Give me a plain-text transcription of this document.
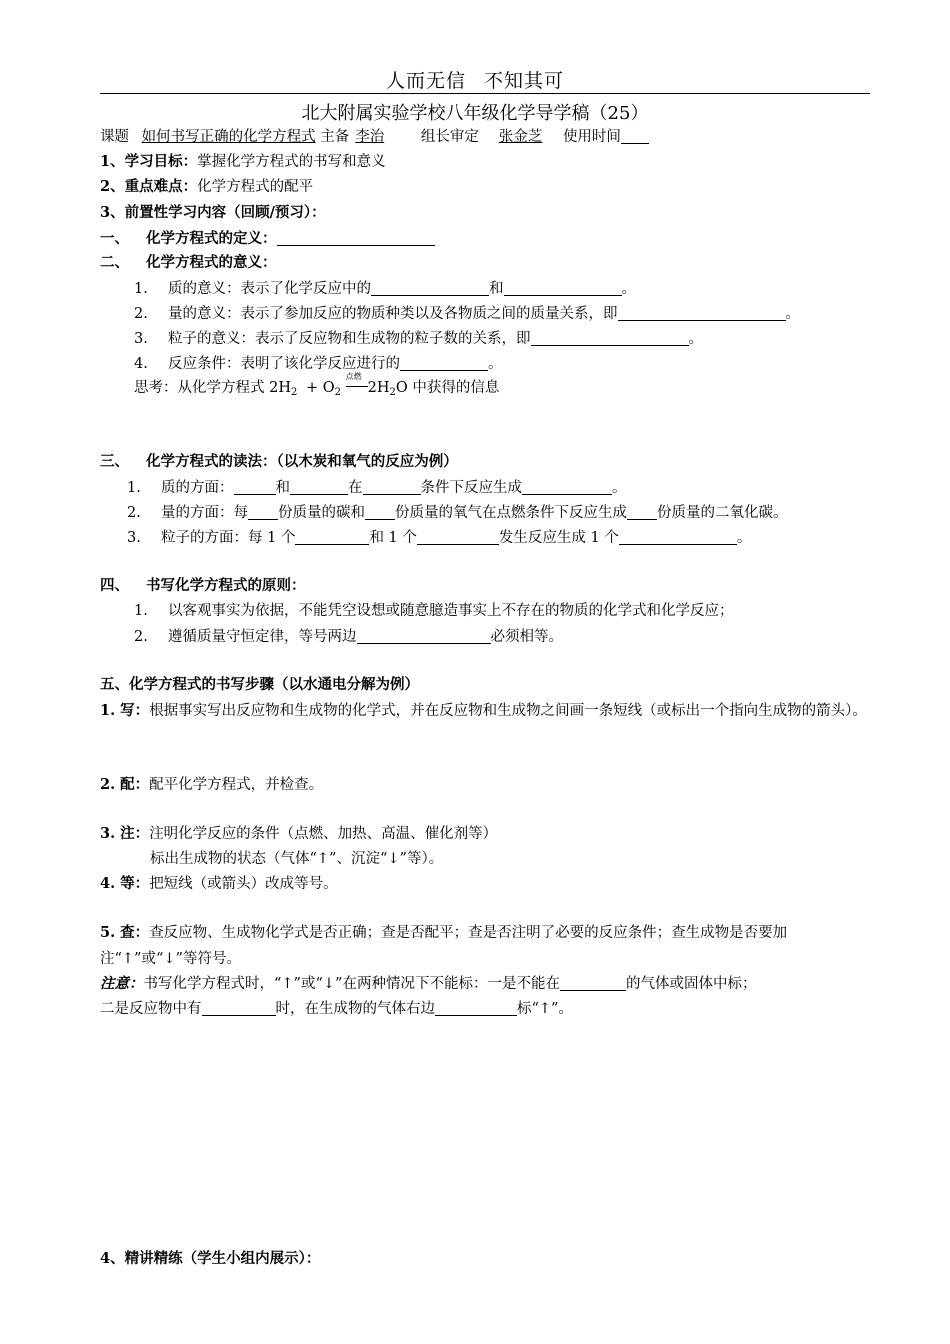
人而无信 不知其可
北大附属实验学校八年级化学导学稿（25）
课题 如何书写正确的化学方程式 主备 李治	组长审定 张金芝 使用时间
1、学习目标：掌握化学方程式的书写和意义
2、重点难点：化学方程式的配平
3、前置性学习内容（回顾/预习）：
一、 化学方程式的定义：
二、 化学方程式的意义：
1. 质的意义：表示了化学反应中的	和	。
2. 量的意义：表示了参加反应的物质种类以及各物质之间的质量关系，即	。
3. 粒子的意义：表示了反应物和生成物的粒子数的关系，即	。
4. 反应条件：表明了该化学反应进行的	。
思考：从化学方程式 $2H_2 + O_2$
点燃
$2H_2O$ 中获得的信息
三、 化学方程式的读法：（以木炭和氧气的反应为例）
1. 质的方面：	和	在	条件下反应生成	。
2. 量的方面：每 份质量的碳和 份质量的氧气在点燃条件下反应生成 份质量的二氧化碳。
3. 粒子的方面：每 1 个	和 1 个	发生反应生成 1 个	。
四、 书写化学方程式的原则：
1. 以客观事实为依据，不能凭空设想或随意臆造事实上不存在的物质的化学式和化学反应；
2. 遵循质量守恒定律，等号两边	必须相等。
五、化学方程式的书写步骤（以水通电分解为例）
1. 写：根据事实写出反应物和生成物的化学式，并在反应物和生成物之间画一条短线（或标出一个指向生成物的箭头）。
2. 配：配平化学方程式，并检查。
3. 注：注明化学反应的条件（点燃、加热、高温、催化剂等）
标出生成物的状态（气体“↑”、沉淀“↓”等）。
4. 等：把短线（或箭头）改成等号。
5. 查：查反应物、生成物化学式是否正确；查是否配平；查是否注明了必要的反应条件；查生成物是否要加注“↑”或“↓”等符号。
注意：书写化学方程式时，“↑”或“↓”在两种情况下不能标：一是不能在	的气体或固体中标；
二是反应物中有	时，在生成物的气体右边	标“↑”。
4、精讲精练（学生小组内展示）：
